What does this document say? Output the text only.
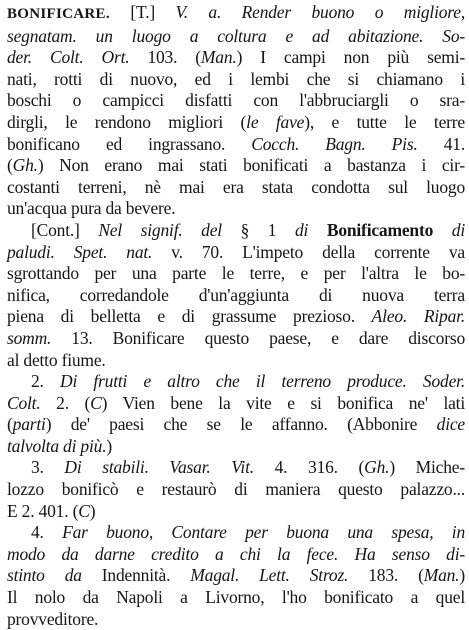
BONIFICARE. [T.] V. a. Render buono o migliore,
segnatam. un luogo a coltura e ad abitazione. So-
der. Colt. Ort. 103. (Man.) I campi non più semi-
nati, rotti di nuovo, ed i lembi che si chiamano i
boschi o campicci disfatti con l'abbruciargli o sra-
dirgli, le rendono migliori (le fave), e tutte le terre
bonificano ed ingrassano. Cocch. Bagn. Pis. 41.
(Gh.) Non erano mai stati bonificati a bastanza i cir-
costanti terreni, nè mai era stata condotta sul luogo
un'acqua pura da bevere.
[Cont.] Nel signif. del § 1 di Bonificamento di
paludi. Spet. nat. v. 70. L'impeto della corrente va
sgrottando per una parte le terre, e per l'altra le bo-
nifica, corredandole d'un'aggiunta di nuova terra
piena di belletta e di grassume prezioso. Aleo. Ripar.
somm. 13. Bonificare questo paese, e dare discorso
al detto fiume.
2. Di frutti e altro che il terreno produce. Soder.
Colt. 2. (C) Vien bene la vite e si bonifica ne' lati
(parti) de' paesi che se le affanno. (Abbonire dice
talvolta di più.)
3. Di stabili. Vasar. Vit. 4. 316. (Gh.) Miche-
lozzo bonificò e restaurò di maniera questo palazzo...
E 2. 401. (C)
4. Far buono, Contare per buona una spesa, in
modo da darne credito a chi la fece. Ha senso di-
stinto da Indennità. Magal. Lett. Stroz. 183. (Man.)
Il nolo da Napoli a Livorno, l'ho bonificato a quel
provveditore.
